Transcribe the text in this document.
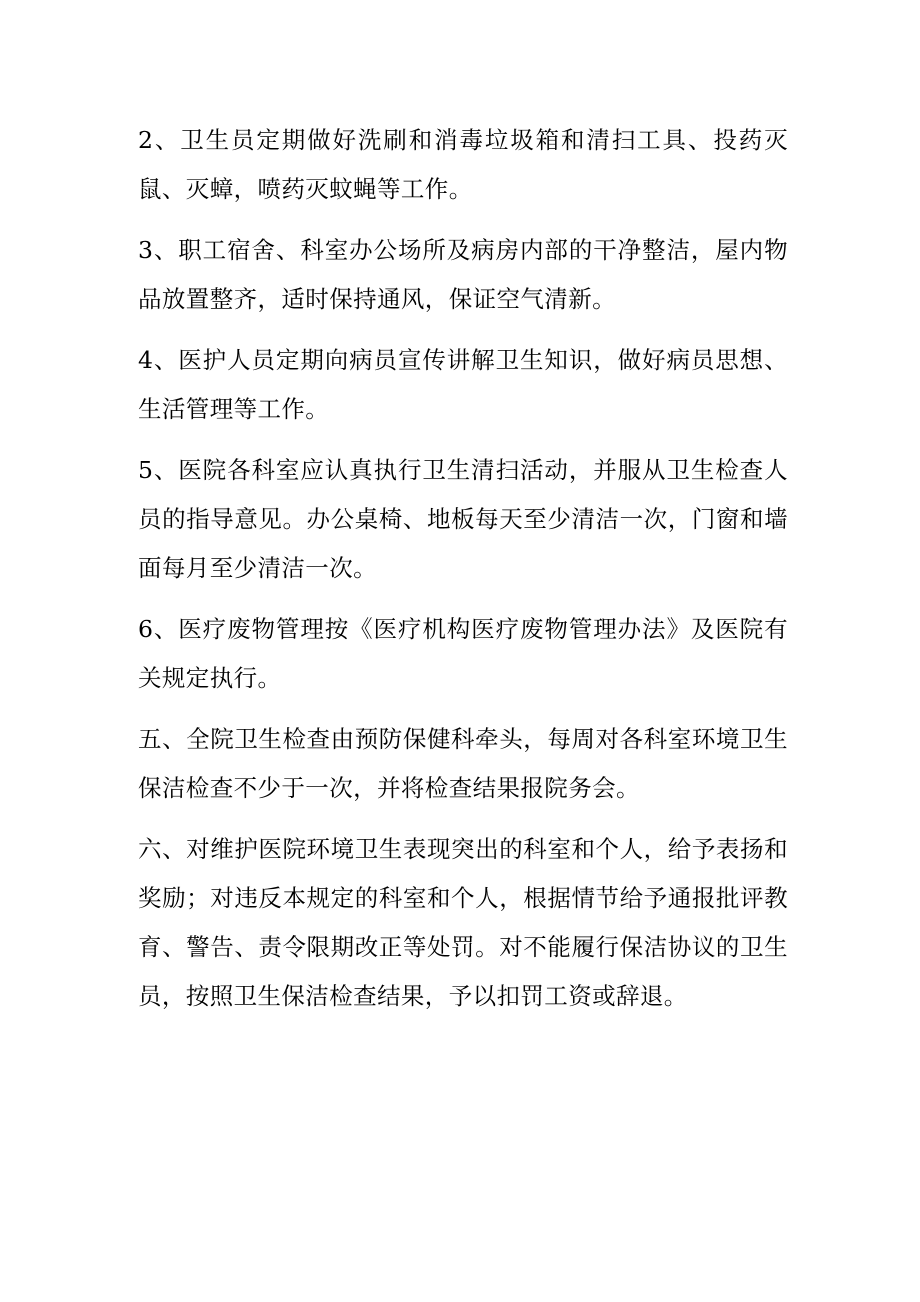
2、卫生员定期做好洗刷和消毒垃圾箱和清扫工具、投药灭鼠、灭蟑，喷药灭蚊蝇等工作。

3、职工宿舍、科室办公场所及病房内部的干净整洁，屋内物品放置整齐，适时保持通风，保证空气清新。

4、医护人员定期向病员宣传讲解卫生知识，做好病员思想、生活管理等工作。

5、医院各科室应认真执行卫生清扫活动，并服从卫生检查人员的指导意见。办公桌椅、地板每天至少清洁一次，门窗和墙面每月至少清洁一次。

6、医疗废物管理按《医疗机构医疗废物管理办法》及医院有关规定执行。

五、全院卫生检查由预防保健科牵头，每周对各科室环境卫生保洁检查不少于一次，并将检查结果报院务会。

六、对维护医院环境卫生表现突出的科室和个人，给予表扬和奖励；对违反本规定的科室和个人，根据情节给予通报批评教育、警告、责令限期改正等处罚。对不能履行保洁协议的卫生员，按照卫生保洁检查结果，予以扣罚工资或辞退。
